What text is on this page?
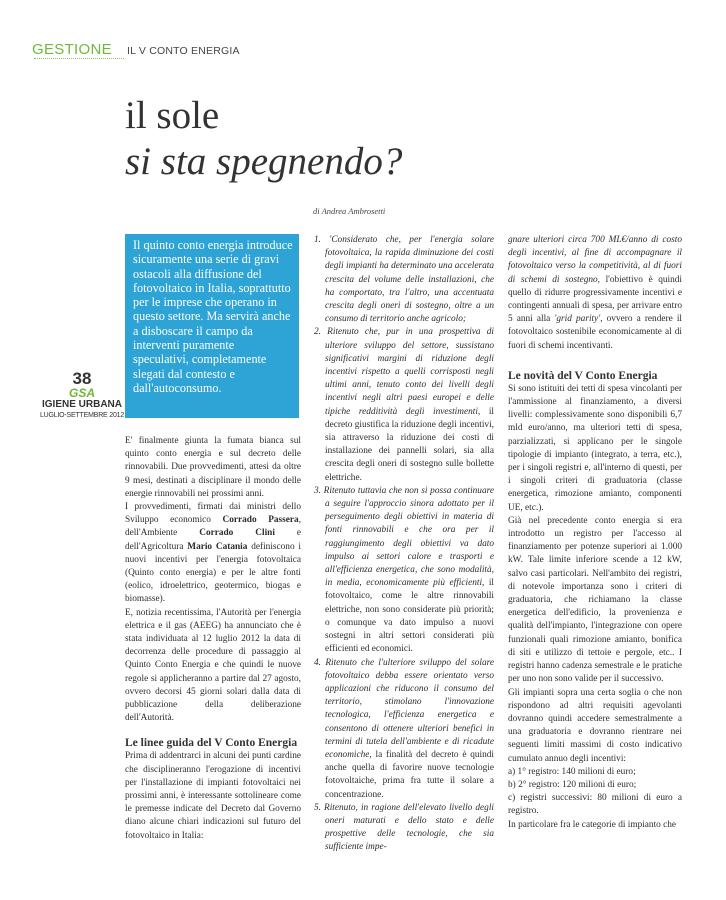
GESTIONE IL V CONTO ENERGIA
il sole
si sta spegnendo?
di Andrea Ambrosetti
38
GSA
IGIENE URBANA
LUGLIO-SETTEMBRE 2012
Il quinto conto energia introduce sicuramente una serie di gravi ostacoli alla diffusione del fotovoltaico in Italia, soprattutto per le imprese che operano in questo settore. Ma servirà anche a disboscare il campo da interventi puramente speculativi, completamente slegati dal contesto e dall'autoconsumo.

E' finalmente giunta la fumata bianca sul quinto conto energia e sul decreto delle rinnovabili. Due provvedimenti, attesi da oltre 9 mesi, destinati a disciplinare il mondo delle energie rinnovabili nei prossimi anni.

I provvedimenti, firmati dai ministri dello Sviluppo economico Corrado Passera, dell'Ambiente Corrado Clini e dell'Agricoltura Mario Catania definiscono i nuovi incentivi per l'energia fotovoltaica (Quinto conto energia) e per le altre fonti (eolico, idroelettrico, geotermico, biogas e biomasse).

E, notizia recentissima, l'Autorità per l'energia elettrica e il gas (AEEG) ha annunciato che è stata individuata al 12 luglio 2012 la data di decorrenza delle procedure di passaggio al Quinto Conto Energia e che quindi le nuove regole si applicheranno a partire dal 27 agosto, ovvero decorsi 45 giorni solari dalla data di pubblicazione della deliberazione dell'Autorità.

Le linee guida del V Conto Energia

Prima di addentrarci in alcuni dei punti cardine che disciplineranno l'erogazione di incentivi per l'installazione di impianti fotovoltaici nei prossimi anni, è interessante sottolineare come le premesse indicate del Decreto dal Governo diano alcune chiari indicazioni sul futuro del fotovoltaico in Italia:

1. 'Considerato che, per l'energia solare fotovoltaica, la rapida diminuzione dei costi degli impianti ha determinato una accelerata crescita del volume delle installazioni, che ha comportato, tra l'altro, una accentuata crescita degli oneri di sostegno, oltre a un consumo di territorio anche agricolo;

2. Ritenuto che, pur in una prospettiva di ulteriore sviluppo del settore, sussistano significativi margini di riduzione degli incentivi rispetto a quelli corrisposti negli ultimi anni, tenuto conto dei livelli degli incentivi negli altri paesi europei e delle tipiche redditività degli investimenti, il decreto giustifica la riduzione degli incentivi, sia attraverso la riduzione dei costi di installazione dei pannelli solari, sia alla crescita degli oneri di sostegno sulle bollette elettriche.

3. Ritenuto tuttavia che non si possa continuare a seguire l'approccio sinora adottato per il perseguimento degli obiettivi in materia di fonti rinnovabili e che ora per il raggiungimento degli obiettivi va dato impulso ai settori calore e trasporti e all'efficienza energetica, che sono modalità, in media, economicamente più efficienti, il fotovoltaico, come le altre rinnovabili elettriche, non sono considerate più priorità; o comunque va dato impulso a nuovi sostegni in altri settori considerati più efficienti ed economici.

4. Ritenuto che l'ulteriore sviluppo del solare fotovoltaico debba essere orientato verso applicazioni che riducono il consumo del territorio, stimolano l'innovazione tecnologica, l'efficienza energetica e consentono di ottenere ulteriori benefici in termini di tutela dell'ambiente e di ricadute economiche, la finalità del decreto è quindi anche quella di favorire nuove tecnologie fotovoltaiche, prima fra tutte il solare a concentrazione.

5. Ritenuto, in ragione dell'elevato livello degli oneri maturati e dello stato e delle prospettive delle tecnologie, che sia sufficiente impe-

gnare ulteriori circa 700 ML€/anno di costo degli incentivi, al fine di accompagnare il fotovoltaico verso la competitività, al di fuori di schemi di sostegno, l'obiettivo è quindi quello di ridurre progressivamente incentivi e contingenti annuali di spesa, per arrivare entro 5 anni alla 'grid parity', ovvero a rendere il fotovoltaico sostenibile economicamente al di fuori di schemi incentivanti.

Le novità del V Conto Energia

Si sono istituiti dei tetti di spesa vincolanti per l'ammissione al finanziamento, a diversi livelli: complessivamente sono disponibili 6,7 mld euro/anno, ma ulteriori tetti di spesa, parzializzati, si applicano per le singole tipologie di impianto (integrato, a terra, etc.), per i singoli registri e, all'interno di questi, per i singoli criteri di graduatoria (classe energetica, rimozione amianto, componenti UE, etc.).

Già nel precedente conto energia si era introdotto un registro per l'accesso al finanziamento per potenze superiori ai 1.000 kW. Tale limite inferiore scende a 12 kW, salvo casi particolari. Nell'ambito dei registri, di notevole importanza sono i criteri di graduatoria, che richiamano la classe energetica dell'edificio, la provenienza e qualità dell'impianto, l'integrazione con opere funzionali quali rimozione amianto, bonifica di siti e utilizzo di tettoie e pergole, etc.. I registri hanno cadenza semestrale e le pratiche per uno non sono valide per il successivo.

Gli impianti sopra una certa soglia o che non rispondono ad altri requisiti agevolanti dovranno quindi accedere semestralmente a una graduatoria e dovranno rientrare nei seguenti limiti massimi di costo indicativo cumulato annuo degli incentivi:

a) 1° registro: 140 milioni di euro;

b) 2° registro: 120 milioni di euro;

c) registri successivi: 80 milioni di euro a registro.

In particolare fra le categorie di impianto che
